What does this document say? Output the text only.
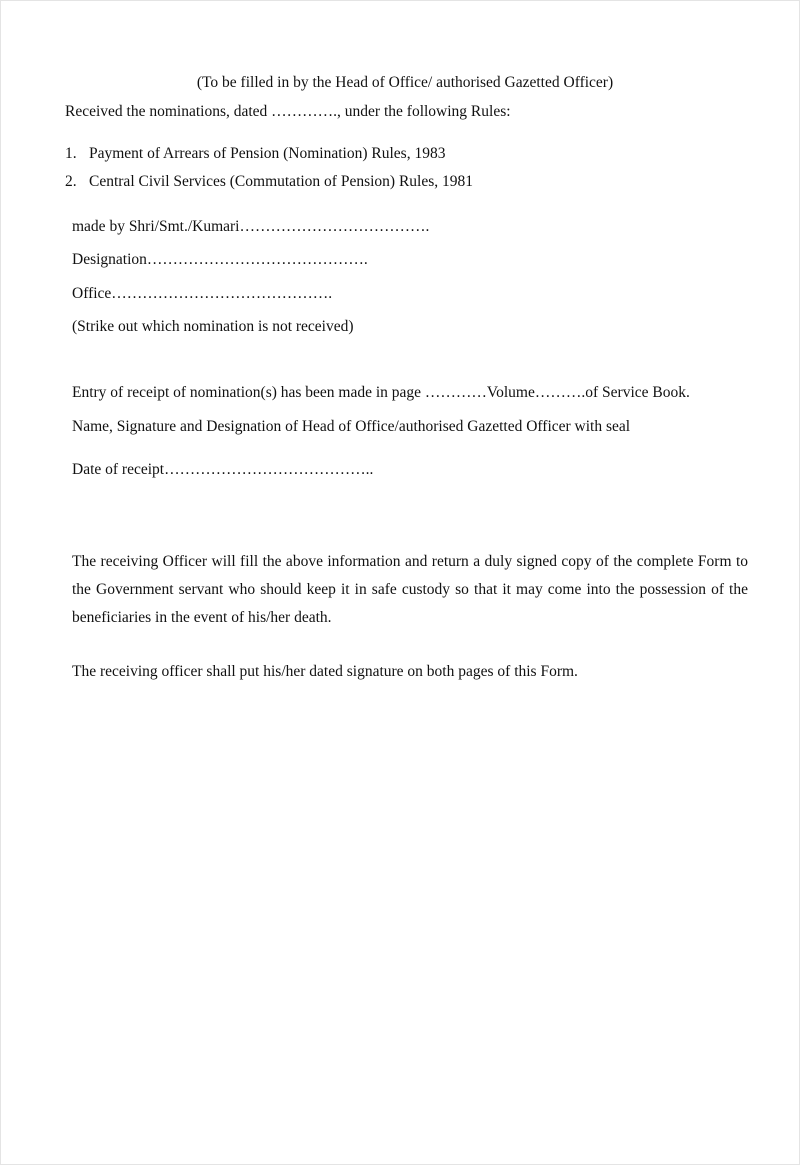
(To be filled in by the Head of Office/ authorised Gazetted Officer)
Received the nominations, dated …………., under the following Rules:
1. Payment of Arrears of Pension (Nomination) Rules, 1983
2. Central Civil Services (Commutation of Pension) Rules, 1981
made by Shri/Smt./Kumari……………………………….
Designation…………………………………….
Office…………………………………….
(Strike out which nomination is not received)
Entry of receipt of nomination(s) has been made in page …………Volume……….of Service Book.
Name, Signature and Designation of Head of Office/authorised Gazetted Officer with seal
Date of receipt…………………………………..
The receiving Officer will fill the above information and return a duly signed copy of the complete Form to the Government servant who should keep it in safe custody so that it may come into the possession of the beneficiaries in the event of his/her death.
The receiving officer shall put his/her dated signature on both pages of this Form.
